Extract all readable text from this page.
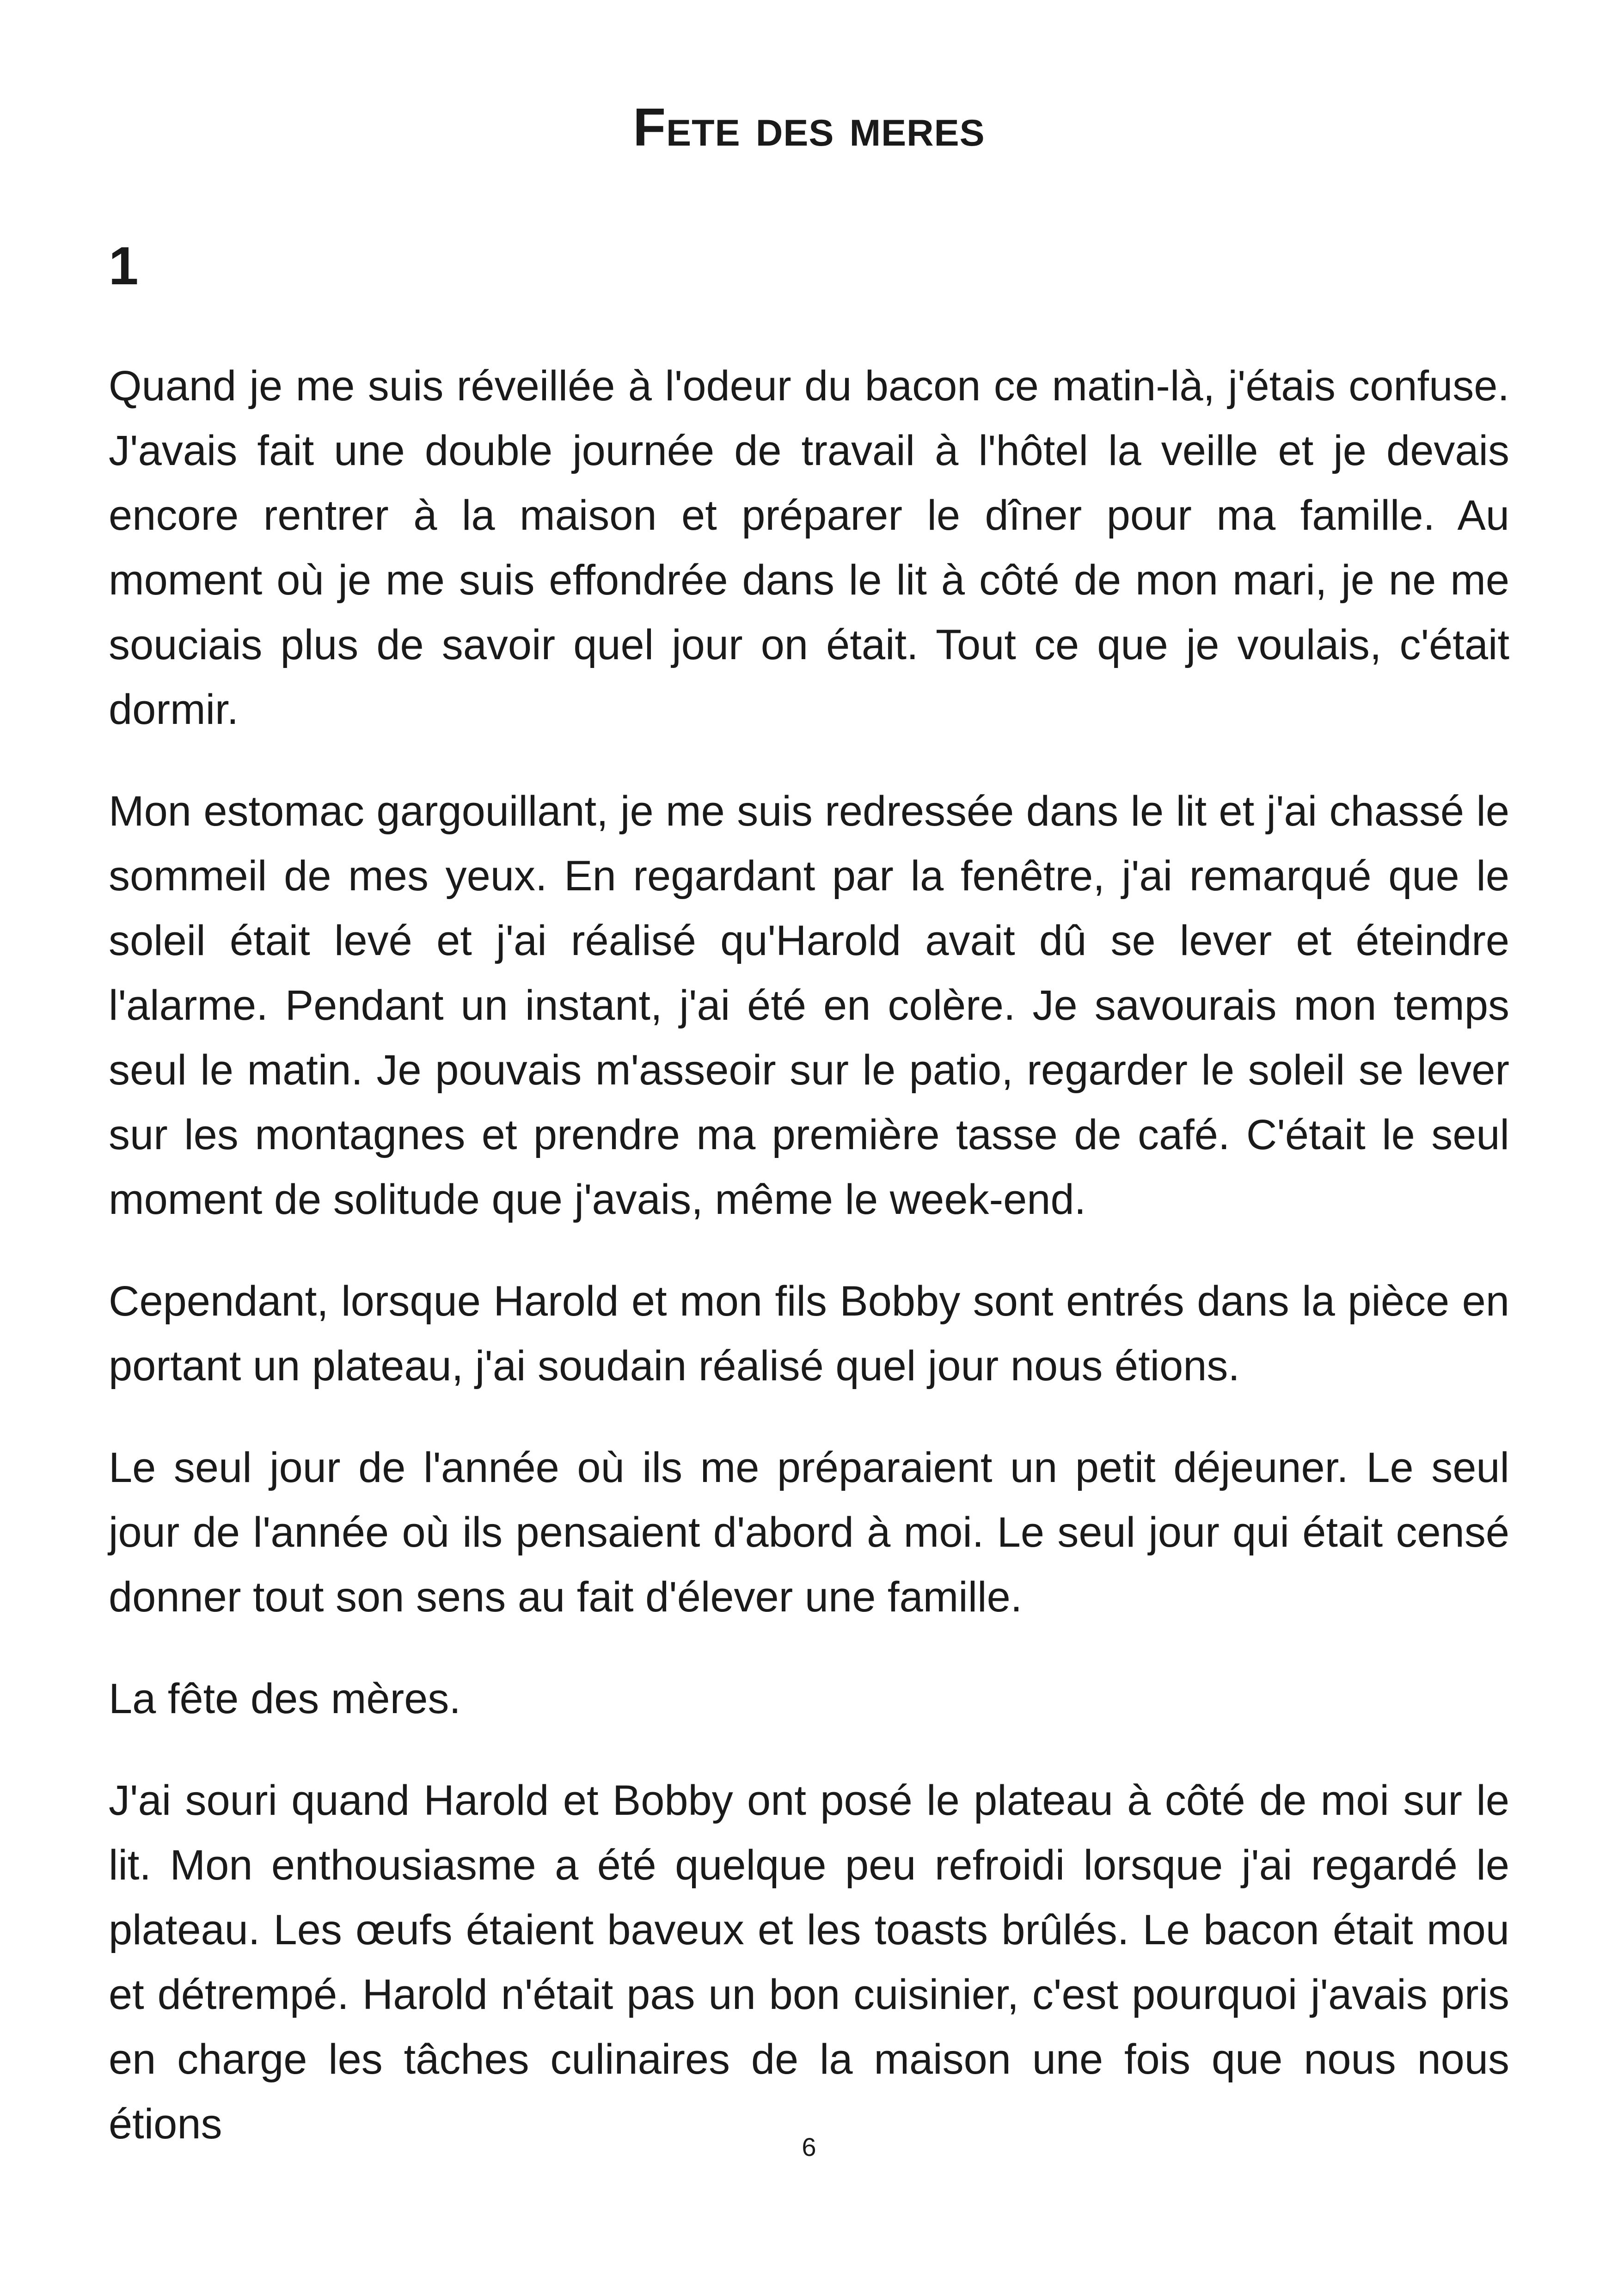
Fete des meres
1

Quand je me suis réveillée à l'odeur du bacon ce matin-là, j'étais confuse. J'avais fait une double journée de travail à l'hôtel la veille et je devais encore rentrer à la maison et préparer le dîner pour ma famille. Au moment où je me suis effondrée dans le lit à côté de mon mari, je ne me souciais plus de savoir quel jour on était. Tout ce que je voulais, c'était dormir.

Mon estomac gargouillant, je me suis redressée dans le lit et j'ai chassé le sommeil de mes yeux. En regardant par la fenêtre, j'ai remarqué que le soleil était levé et j'ai réalisé qu'Harold avait dû se lever et éteindre l'alarme. Pendant un instant, j'ai été en colère. Je savourais mon temps seul le matin. Je pouvais m'asseoir sur le patio, regarder le soleil se lever sur les montagnes et prendre ma première tasse de café. C'était le seul moment de solitude que j'avais, même le week-end.

Cependant, lorsque Harold et mon fils Bobby sont entrés dans la pièce en portant un plateau, j'ai soudain réalisé quel jour nous étions.

Le seul jour de l'année où ils me préparaient un petit déjeuner. Le seul jour de l'année où ils pensaient d'abord à moi. Le seul jour qui était censé donner tout son sens au fait d'élever une famille.

La fête des mères.

J'ai souri quand Harold et Bobby ont posé le plateau à côté de moi sur le lit. Mon enthousiasme a été quelque peu refroidi lorsque j'ai regardé le plateau. Les œufs étaient baveux et les toasts brûlés. Le bacon était mou et détrempé. Harold n'était pas un bon cuisinier, c'est pourquoi j'avais pris en charge les tâches culinaires de la maison une fois que nous nous étions	6
